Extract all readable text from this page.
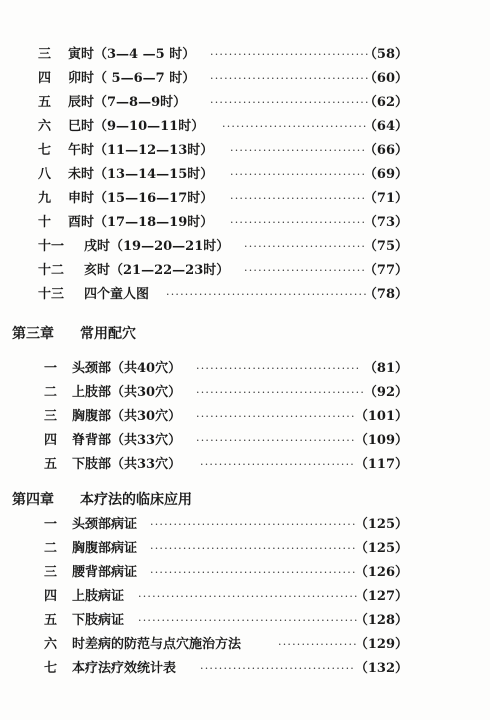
三 寅时（3—4 —5 时） ··································
（58）
四 卯时（ 5—6—7 时） ··································
（60）
五 辰时（7—8—9时） ··································
（62）
六 巳时（9—10—11时） ·······························
（64）
七 午时（11—12—13时） ·····························
（66）
八 未时（13—14—15时） ·····························
（69）
九 申时（15—16—17时） ·····························
（71）
十 酉时（17—18—19时） ·····························
（73）
十一 戌时（19—20—21时） ··························
（75）
十二 亥时（21—22—23时） ··························
（77）
十三 四个童人图 ···········································
（78）
第三章 常用配穴
一 头颈部（共40穴） ··································· （81）
二 上肢部（共30穴） ····································
（92）
三 胸腹部（共30穴） ·································· （101）
四 脊背部（共33穴） ·································· （109）
五 下肢部（共33穴） ································· （117）
第四章 本疗法的临床应用
一 头颈部病证 ············································
（125）
二 胸腹部病证 ············································
（125）
三 腰背部病证 ············································
（126）
四 上肢病证 ···············································
（127）
五 下肢病证 ···············································
（128）
六 时差病的防范与点穴施治方法	·················
（129）
七 本疗法疗效统计表 ································· （132）
